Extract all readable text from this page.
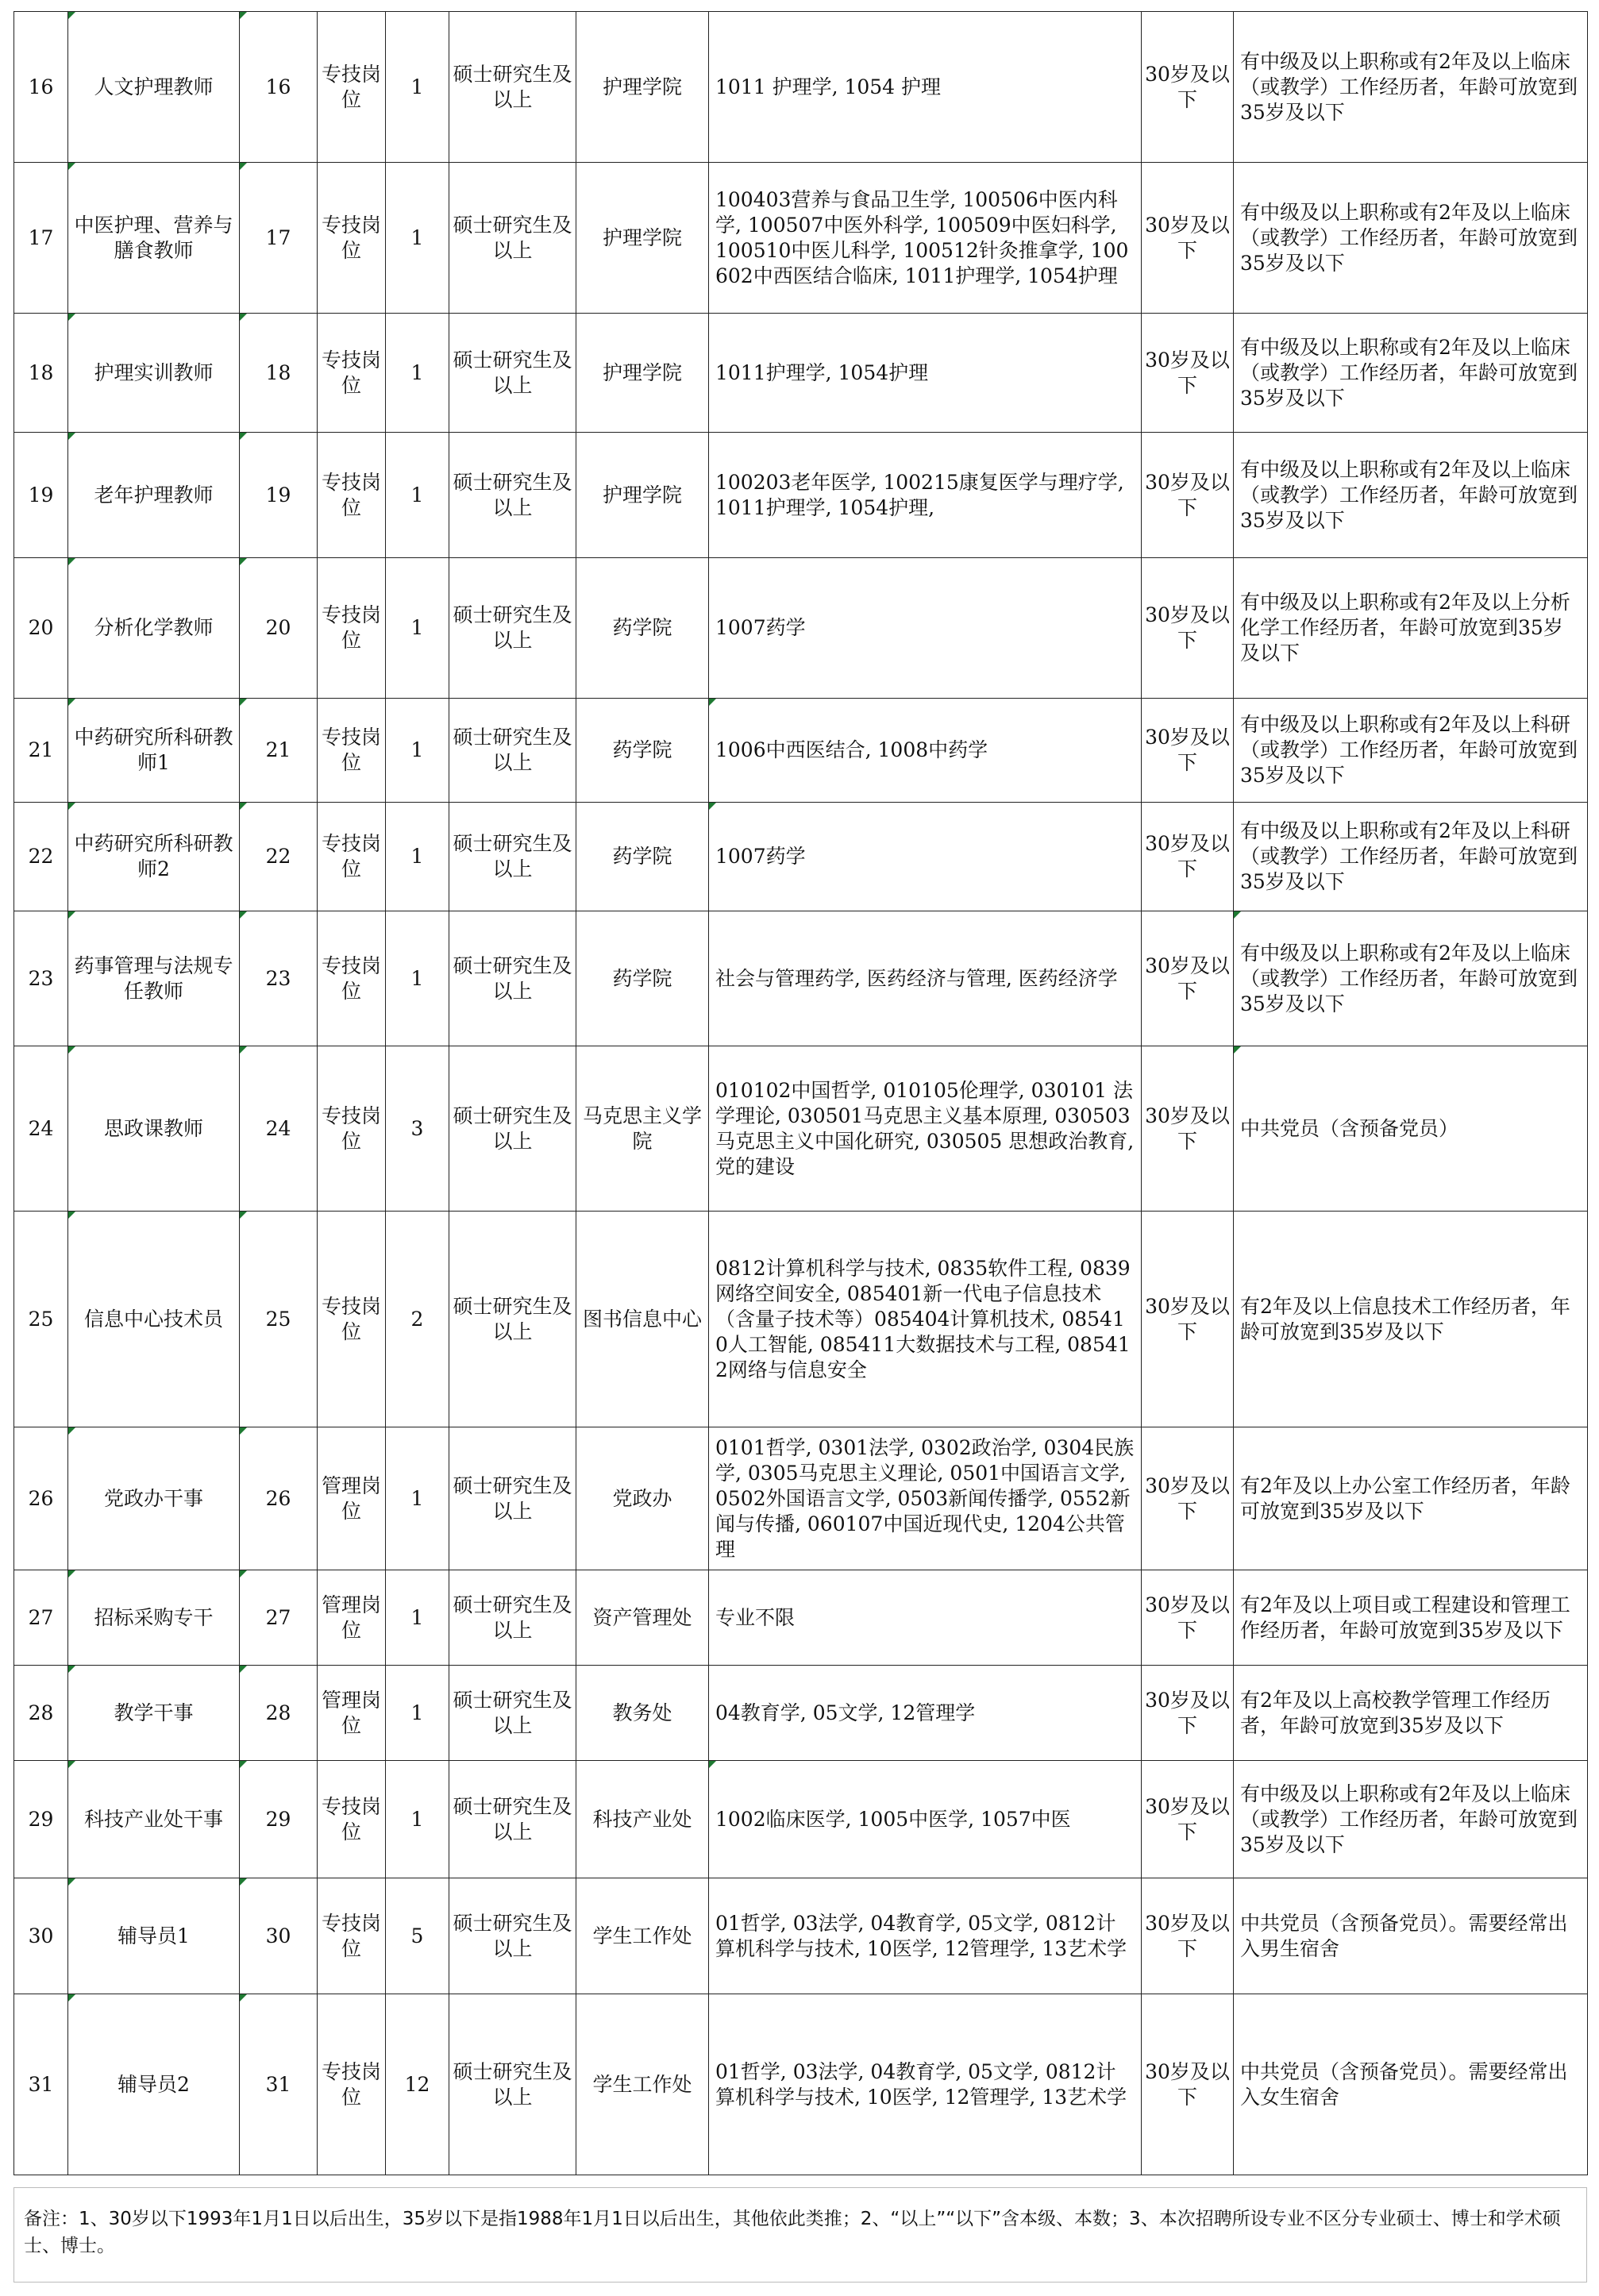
16	人文护理教师	16	专技岗位	1	硕士研究生及以上	护理学院	1011 护理学, 1054 护理	30岁及以下	有中级及以上职称或有2年及以上临床（或教学）工作经历者，年龄可放宽到35岁及以下
17	中医护理、营养与膳食教师	17	专技岗位	1	硕士研究生及以上	护理学院	100403营养与食品卫生学, 100506中医内科学, 100507中医外科学, 100509中医妇科学, 100510中医儿科学, 100512针灸推拿学, 100602中西医结合临床, 1011护理学, 1054护理	30岁及以下	有中级及以上职称或有2年及以上临床（或教学）工作经历者，年龄可放宽到35岁及以下
18	护理实训教师	18	专技岗位	1	硕士研究生及以上	护理学院	1011护理学, 1054护理	30岁及以下	有中级及以上职称或有2年及以上临床（或教学）工作经历者，年龄可放宽到35岁及以下
19	老年护理教师	19	专技岗位	1	硕士研究生及以上	护理学院	100203老年医学, 100215康复医学与理疗学, 1011护理学, 1054护理,	30岁及以下	有中级及以上职称或有2年及以上临床（或教学）工作经历者，年龄可放宽到35岁及以下
20	分析化学教师	20	专技岗位	1	硕士研究生及以上	药学院	1007药学	30岁及以下	有中级及以上职称或有2年及以上分析化学工作经历者，年龄可放宽到35岁及以下
21	中药研究所科研教师1	21	专技岗位	1	硕士研究生及以上	药学院	1006中西医结合, 1008中药学	30岁及以下	有中级及以上职称或有2年及以上科研（或教学）工作经历者，年龄可放宽到35岁及以下
22	中药研究所科研教师2	22	专技岗位	1	硕士研究生及以上	药学院	1007药学	30岁及以下	有中级及以上职称或有2年及以上科研（或教学）工作经历者，年龄可放宽到35岁及以下
23	药事管理与法规专任教师	23	专技岗位	1	硕士研究生及以上	药学院	社会与管理药学, 医药经济与管理, 医药经济学	30岁及以下	有中级及以上职称或有2年及以上临床（或教学）工作经历者，年龄可放宽到35岁及以下
24	思政课教师	24	专技岗位	3	硕士研究生及以上	马克思主义学院	010102中国哲学, 010105伦理学, 030101 法学理论, 030501马克思主义基本原理, 030503 马克思主义中国化研究, 030505 思想政治教育, 党的建设	30岁及以下	中共党员（含预备党员）
25	信息中心技术员	25	专技岗位	2	硕士研究生及以上	图书信息中心	0812计算机科学与技术, 0835软件工程, 0839网络空间安全, 085401新一代电子信息技术（含量子技术等）085404计算机技术, 085410人工智能, 085411大数据技术与工程, 085412网络与信息安全	30岁及以下	有2年及以上信息技术工作经历者，年龄可放宽到35岁及以下
26	党政办干事	26	管理岗位	1	硕士研究生及以上	党政办	0101哲学, 0301法学, 0302政治学, 0304民族学, 0305马克思主义理论, 0501中国语言文学, 0502外国语言文学, 0503新闻传播学, 0552新闻与传播, 060107中国近现代史, 1204公共管理	30岁及以下	有2年及以上办公室工作经历者，年龄可放宽到35岁及以下
27	招标采购专干	27	管理岗位	1	硕士研究生及以上	资产管理处	专业不限	30岁及以下	有2年及以上项目或工程建设和管理工作经历者，年龄可放宽到35岁及以下
28	教学干事	28	管理岗位	1	硕士研究生及以上	教务处	04教育学, 05文学, 12管理学	30岁及以下	有2年及以上高校教学管理工作经历者，年龄可放宽到35岁及以下
29	科技产业处干事	29	专技岗位	1	硕士研究生及以上	科技产业处	1002临床医学, 1005中医学, 1057中医	30岁及以下	有中级及以上职称或有2年及以上临床（或教学）工作经历者，年龄可放宽到35岁及以下
30	辅导员1	30	专技岗位	5	硕士研究生及以上	学生工作处	01哲学, 03法学, 04教育学, 05文学, 0812计算机科学与技术, 10医学, 12管理学, 13艺术学	30岁及以下	中共党员（含预备党员）。需要经常出入男生宿舍
31	辅导员2	31	专技岗位	12	硕士研究生及以上	学生工作处	01哲学, 03法学, 04教育学, 05文学, 0812计算机科学与技术, 10医学, 12管理学, 13艺术学	30岁及以下	中共党员（含预备党员）。需要经常出入女生宿舍
备注：1、30岁以下1993年1月1日以后出生，35岁以下是指1988年1月1日以后出生，其他依此类推；2、“以上”“以下”含本级、本数；3、本次招聘所设专业不区分专业硕士、博士和学术硕士、博士。
